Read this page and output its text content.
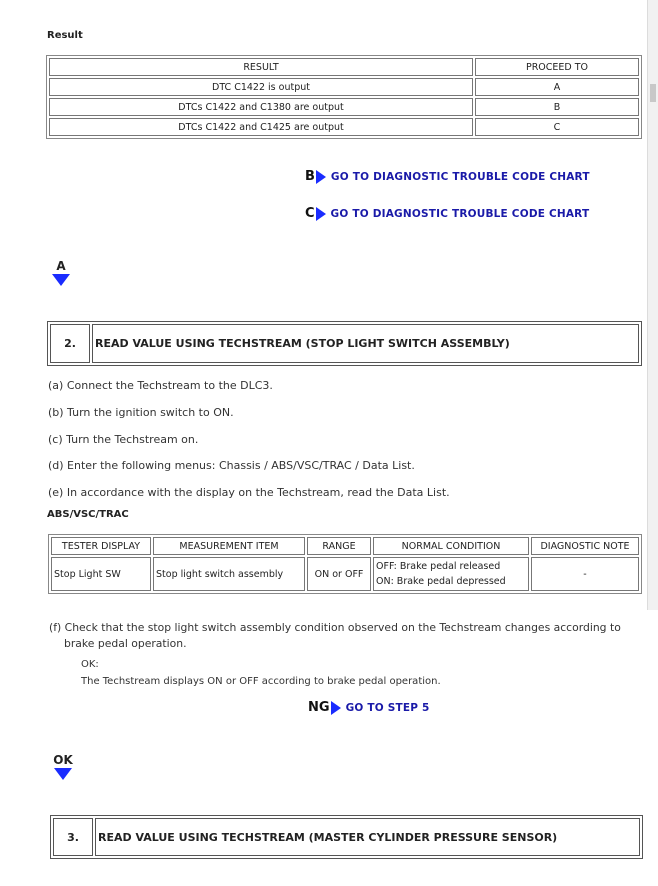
Result
RESULT	PROCEED TO
DTC C1422 is output	A
DTCs C1422 and C1380 are output	B
DTCs C1422 and C1425 are output	C
B GO TO DIAGNOSTIC TROUBLE CODE CHART
C GO TO DIAGNOSTIC TROUBLE CODE CHART
A
2.	READ VALUE USING TECHSTREAM (STOP LIGHT SWITCH ASSEMBLY)
(a) Connect the Techstream to the DLC3.
(b) Turn the ignition switch to ON.
(c) Turn the Techstream on.
(d) Enter the following menus: Chassis / ABS/VSC/TRAC / Data List.
(e) In accordance with the display on the Techstream, read the Data List.
ABS/VSC/TRAC
TESTER DISPLAY	MEASUREMENT ITEM	RANGE	NORMAL CONDITION	DIAGNOSTIC NOTE
Stop Light SW	Stop light switch assembly	ON or OFF	OFF: Brake pedal released
ON: Brake pedal depressed	-
(f) Check that the stop light switch assembly condition observed on the Techstream changes according to
brake pedal operation.
OK:
The Techstream displays ON or OFF according to brake pedal operation.
NG GO TO STEP 5
OK
3.	READ VALUE USING TECHSTREAM (MASTER CYLINDER PRESSURE SENSOR)
